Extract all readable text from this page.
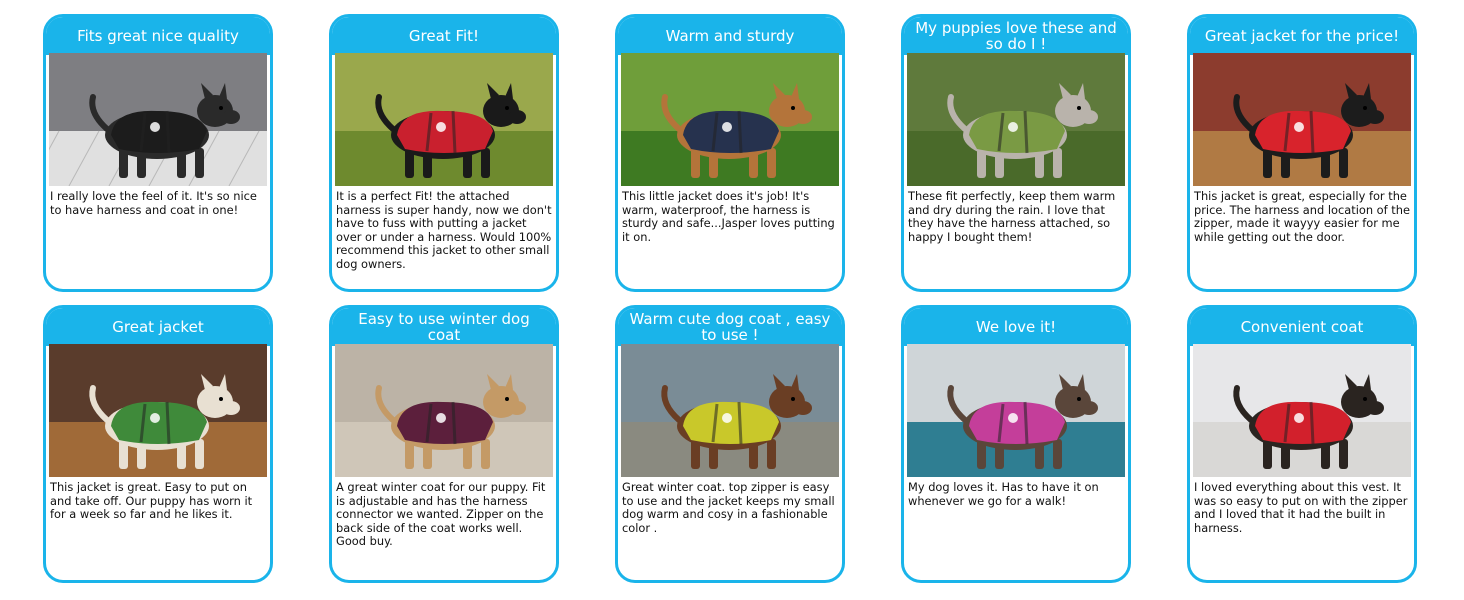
Fits great nice quality
I really love the feel of it. It's so nice to have harness and coat in one!
Great Fit!
It is a perfect Fit! the attached harness is super handy, now we don't have to fuss with putting a jacket over or under a harness. Would 100% recommend this jacket to other small dog owners.
Warm and sturdy
This little jacket does it's job! It's warm, waterproof, the harness is sturdy and safe...Jasper loves putting it on.
My puppies love these and so do I !
These fit perfectly, keep them warm and dry during the rain. I love that they have the harness attached, so happy I bought them!
Great jacket for the price!
This jacket is great, especially for the price. The harness and location of the zipper, made it wayyy easier for me while getting out the door.
Great jacket
This jacket is great. Easy to put on and take off. Our puppy has worn it for a week so far and he likes it.
Easy to use winter dog coat
A great winter coat for our puppy. Fit is adjustable and has the harness connector we wanted. Zipper on the back side of the coat works well. Good buy.
Warm cute dog coat , easy to use !
Great winter coat. top zipper is easy to use and the jacket keeps my small dog warm and cosy in a fashionable color .
We love it!
My dog loves it. Has to have it on whenever we go for a walk!
Convenient coat
I loved everything about this vest. It was so easy to put on with the zipper and I loved that it had the built in harness.
